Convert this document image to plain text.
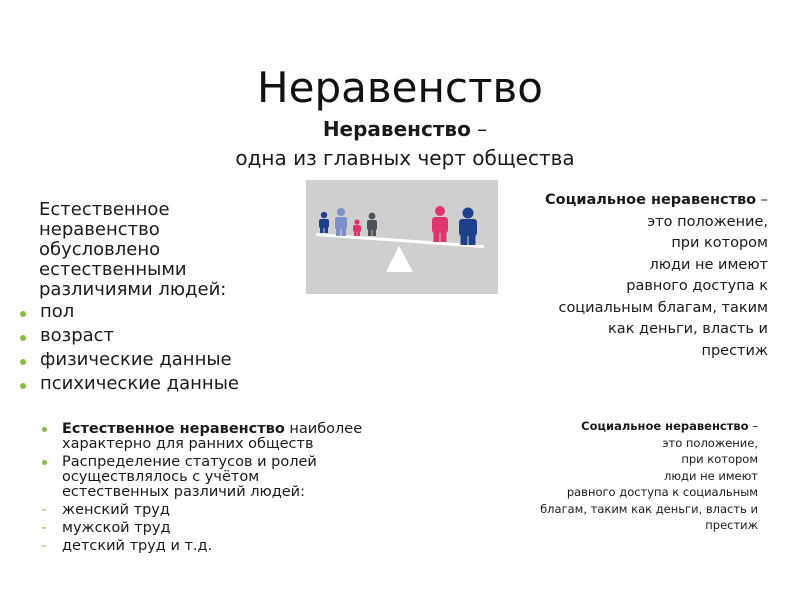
Неравенство
Неравенство –
одна из главных черт общества
Естественное
неравенство
обусловлено
естественными
различиями людей:
пол
возраст
физические данные
психические данные
Естественное неравенство наиболее характерно для ранних обществ
Распределение статусов и ролей осуществлялось с учётом естественных различий людей:
- женский труд
- мужской труд
- детский труд и т.д.
Социальное неравенство –
это положение,
при котором
люди не имеют
равного доступа к
социальным благам, таким
как деньги, власть и
престиж
Социальное неравенство –
это положение,
при котором
люди не имеют
равного доступа к социальным
благам, таким как деньги, власть и
престиж
